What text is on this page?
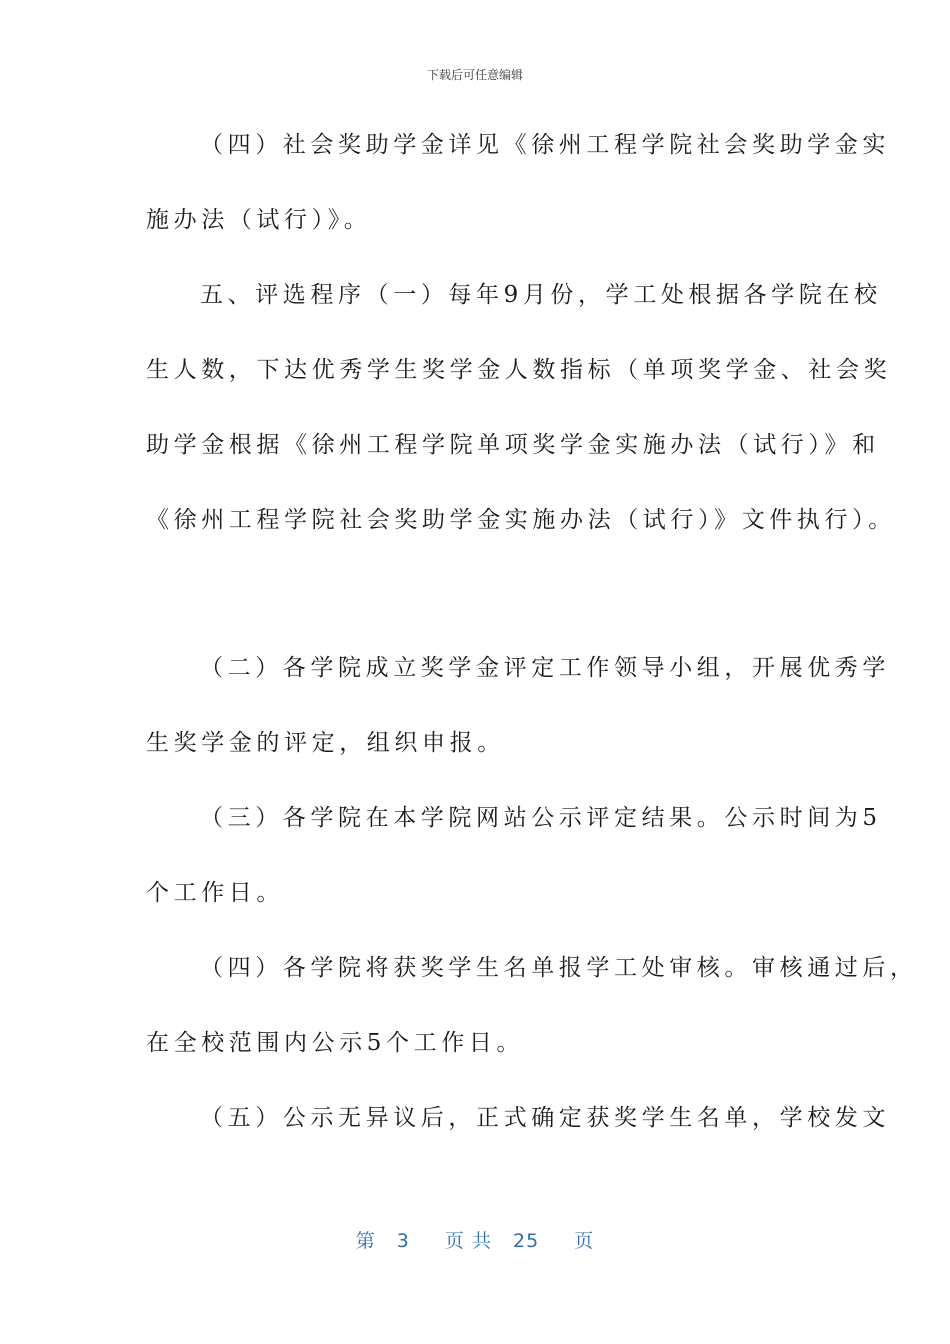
下载后可任意编辑
（四）社会奖助学金详见《徐州工程学院社会奖助学金实
施办法（试行）》。
五、评选程序（一）每年9月份，学工处根据各学院在校
生人数，下达优秀学生奖学金人数指标（单项奖学金、社会奖
助学金根据《徐州工程学院单项奖学金实施办法（试行）》和
《徐州工程学院社会奖助学金实施办法（试行）》文件执行）。
（二）各学院成立奖学金评定工作领导小组，开展优秀学
生奖学金的评定，组织申报。
（三）各学院在本学院网站公示评定结果。公示时间为5
个工作日。
（四）各学院将获奖学生名单报学工处审核。审核通过后，
在全校范围内公示5个工作日。
（五）公示无异议后，正式确定获奖学生名单，学校发文
第 3 页 共 25 页
